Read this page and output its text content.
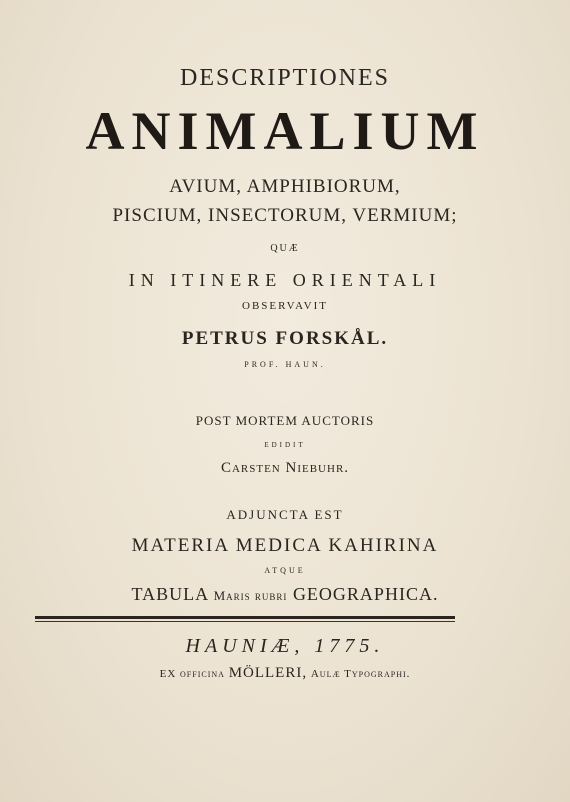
DESCRIPTIONES
ANIMALIUM
AVIUM, AMPHIBIORUM,
PISCIUM, INSECTORUM, VERMIUM;
QUÆ
IN ITINERE ORIENTALI
OBSERVAVIT
PETRUS FORSKÅL.
PROF. HAUN.
POST MORTEM AUCTORIS
EDIDIT
Carsten Niebuhr.
ADJUNCTA EST
MATERIA MEDICA KAHIRINA
ATQUE
TABULA Maris rubri GEOGRAPHICA.
HAUNIÆ, 1775.
EX officina MÖLLERI, Aulæ Typographi.
